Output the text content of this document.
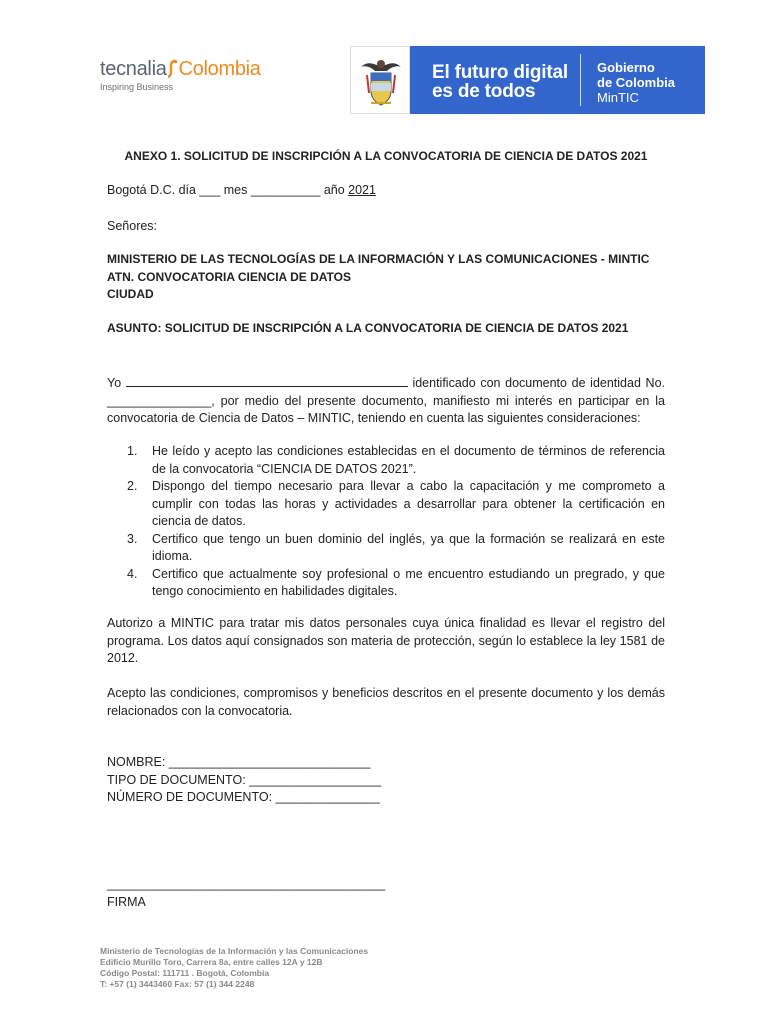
tecnalia Colombia
Inspiring Business
El futuro digital
es de todos
Gobierno
de Colombia
MinTIC
ANEXO 1. SOLICITUD DE INSCRIPCIÓN A LA CONVOCATORIA DE CIENCIA DE DATOS 2021
Bogotá D.C. día ___ mes __________ año 2021
Señores:
MINISTERIO DE LAS TECNOLOGÍAS DE LA INFORMACIÓN Y LAS COMUNICACIONES - MINTIC
ATN. CONVOCATORIA CIENCIA DE DATOS
CIUDAD
ASUNTO: SOLICITUD DE INSCRIPCIÓN A LA CONVOCATORIA DE CIENCIA DE DATOS 2021
Yo	identificado con documento de identidad No. _______________, por medio del presente documento, manifiesto mi interés en participar en la convocatoria de Ciencia de Datos – MINTIC, teniendo en cuenta las siguientes consideraciones:
1. He leído y acepto las condiciones establecidas en el documento de términos de referencia de la convocatoria “CIENCIA DE DATOS 2021”.
2. Dispongo del tiempo necesario para llevar a cabo la capacitación y me comprometo a cumplir con todas las horas y actividades a desarrollar para obtener la certificación en ciencia de datos.
3. Certifico que tengo un buen dominio del inglés, ya que la formación se realizará en este idioma.
4. Certifico que actualmente soy profesional o me encuentro estudiando un pregrado, y que tengo conocimiento en habilidades digitales.
Autorizo a MINTIC para tratar mis datos personales cuya única finalidad es llevar el registro del programa. Los datos aquí consignados son materia de protección, según lo establece la ley 1581 de 2012.
Acepto las condiciones, compromisos y beneficios descritos en el presente documento y los demás relacionados con la convocatoria.
NOMBRE: _____________________________
TIPO DE DOCUMENTO: ___________________
NÚMERO DE DOCUMENTO: _______________
________________________________________
FIRMA
Ministerio de Tecnologías de la Información y las Comunicaciones
Edificio Murillo Toro, Carrera 8a, entre calles 12A y 12B
Código Postal: 111711 . Bogotá, Colombia
T: +57 (1) 3443460 Fax: 57 (1) 344 2248
